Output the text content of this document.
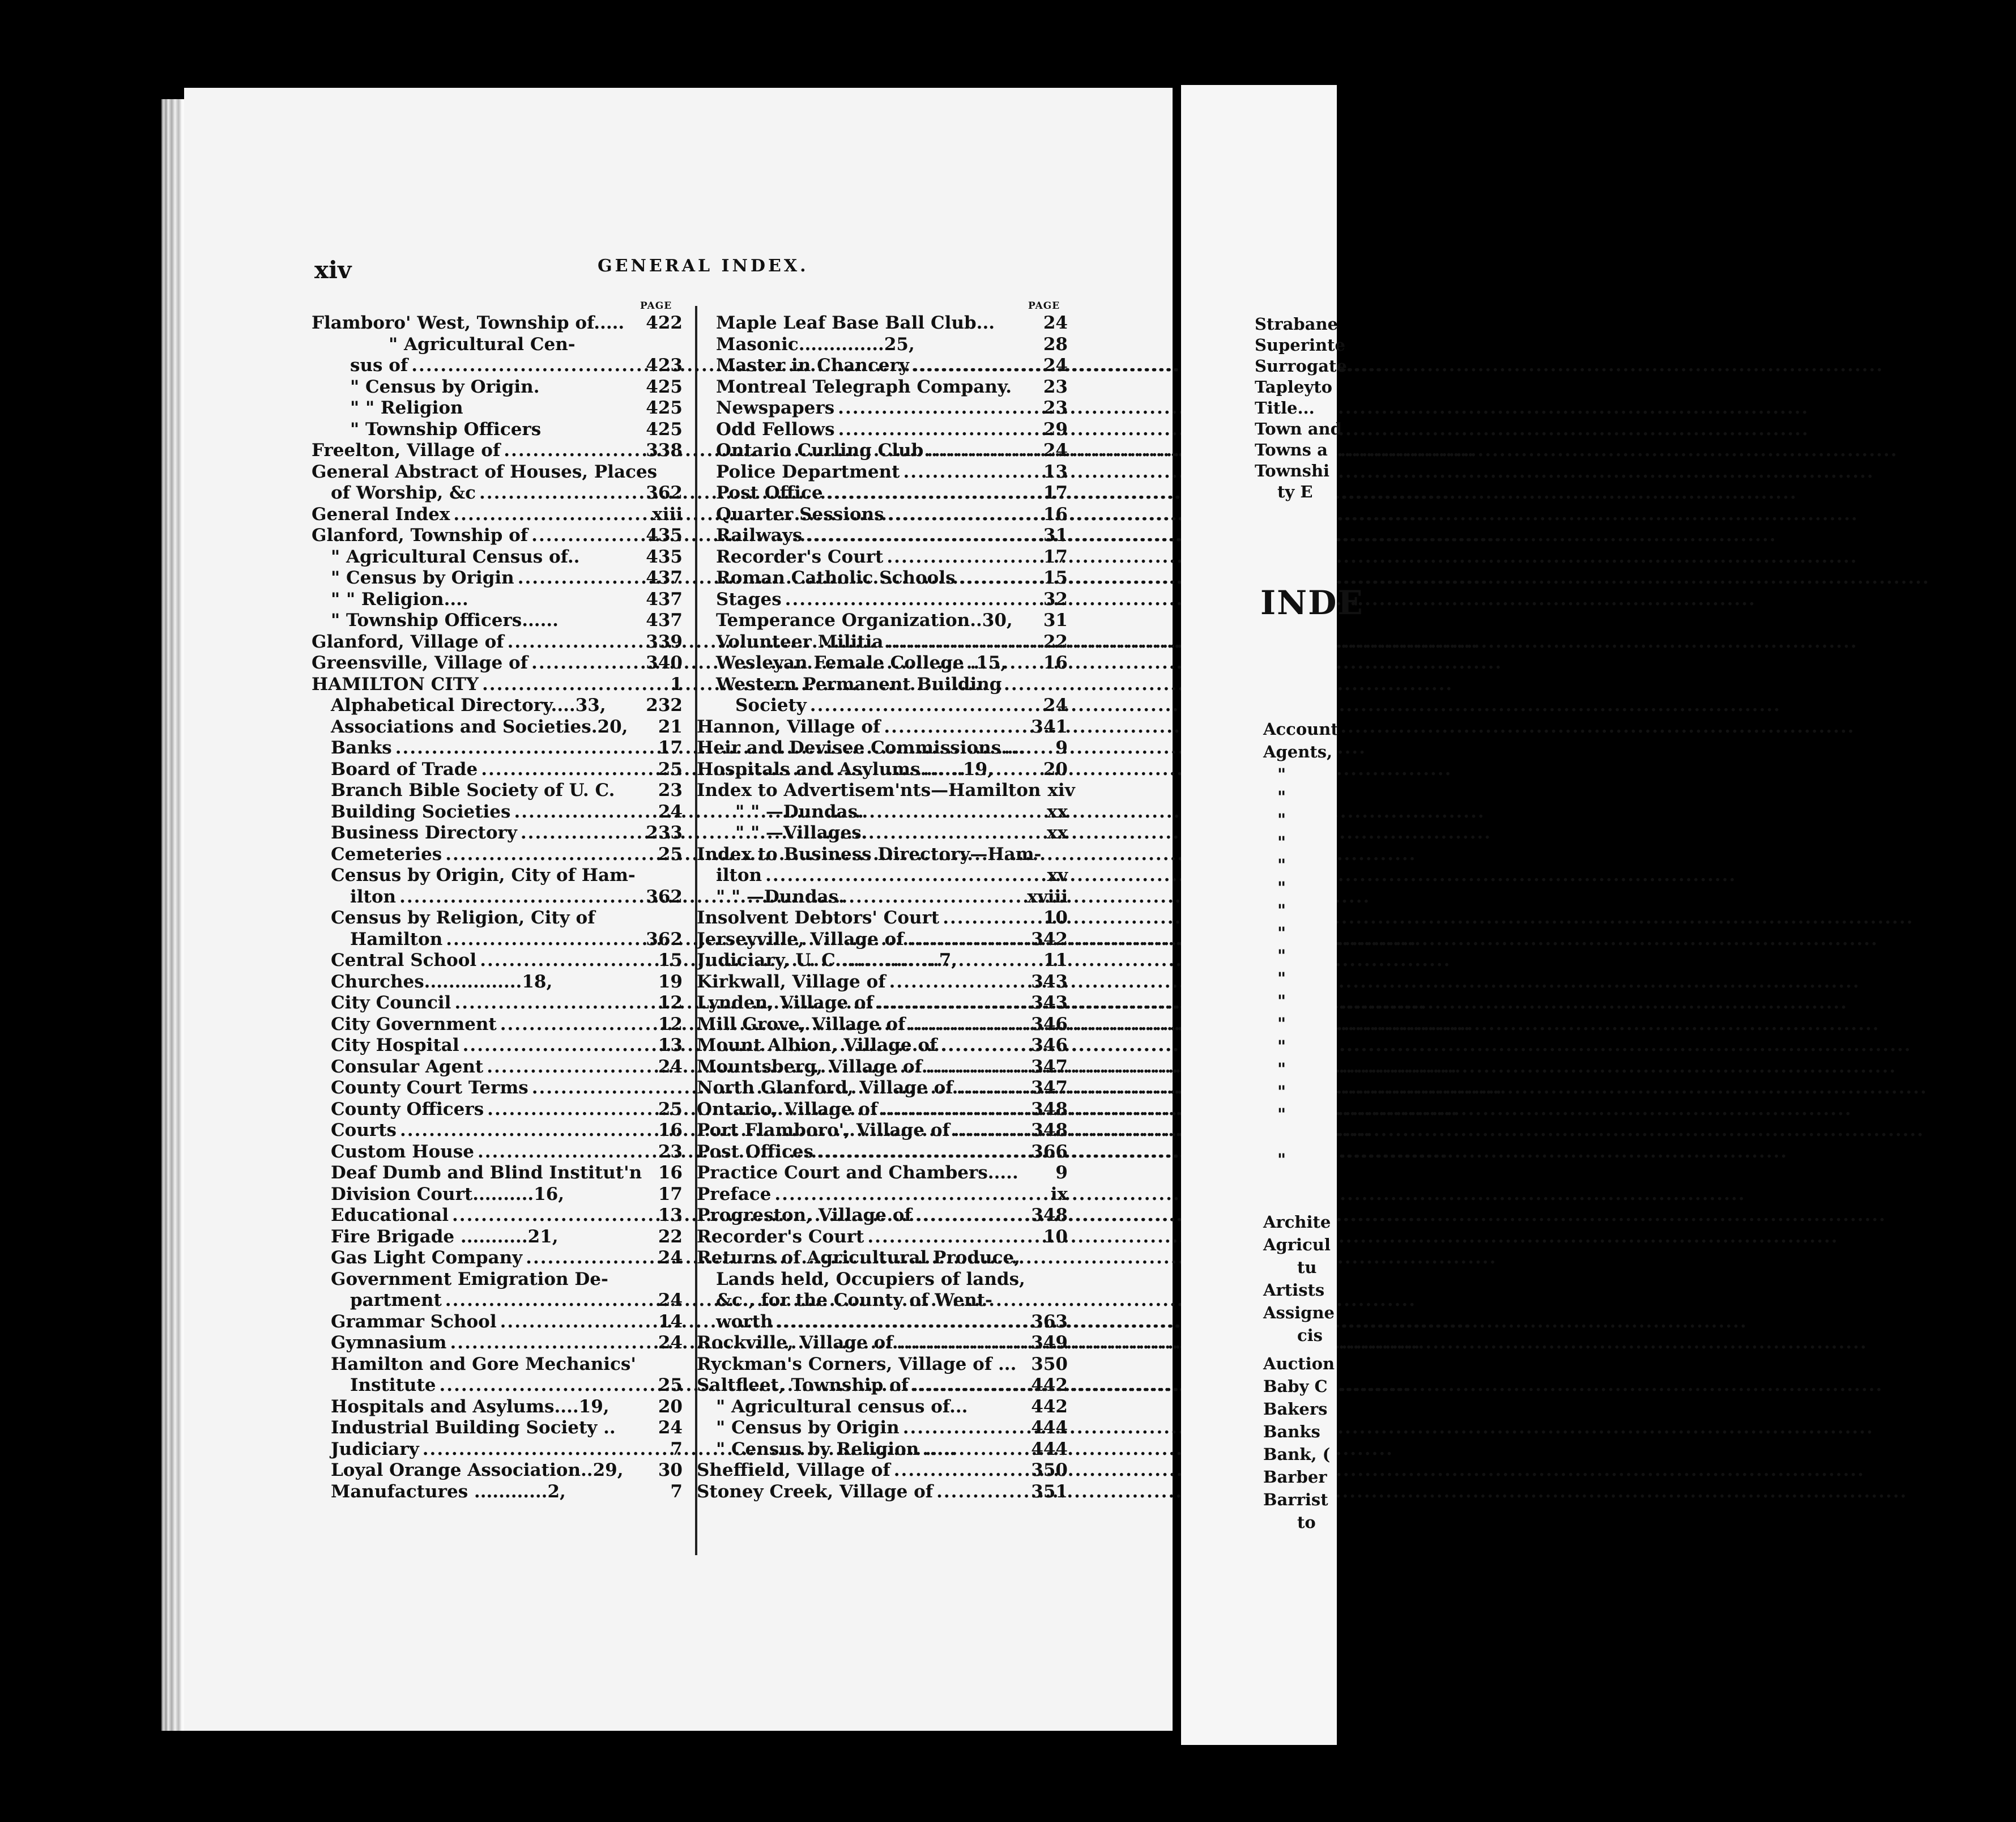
xiv	GENERAL INDEX.
PAGE	PAGE
Flamboro' West, Township of..... 422
" Agricultural Cen-
sus of .....	423
" Census by Origin.	425
" " Religion	425
" Township Officers	425
Freelton, Village of .....	338
General Abstract of Houses, Places
of Worship, &c .....	362
General Index .....	xiii
Glanford, Township of .....	435
" Agricultural Census of..	435
" Census by Origin .....	437
" " Religion....	437
" Township Officers......	437
Glanford, Village of .....	339
Greensville, Village of .....	340
HAMILTON CITY .....	1
Alphabetical Directory....33, 232
Associations and Societies.20, 21
Banks .....	17
Board of Trade .....	25
Branch Bible Society of U. C. 23
Building Societies .....	24
Business Directory .....	233
Cemeteries .....	25
Census by Origin, City of Ham-
ilton .....	362
Census by Religion, City of
Hamilton .....	362
Central School .....	15
Churches................18,	19
City Council .....	12
City Government .....	12
City Hospital .....	13
Consular Agent .....	24
County Court Terms
.....
County Officers .....	25
Courts .....	16
Custom House .....	23
Deaf Dumb and Blind Institut'n 16
Division Court..........16,	17
Educational .....	13
Fire Brigade ...........21,	22
Gas Light Company .....	24
Government Emigration De-
partment .....	24
Grammar School .....	14
Gymnasium .....	24
Hamilton and Gore Mechanics'
Institute .....	25
Hospitals and Asylums....19,	20
Industrial Building Society .. 24
Judiciary .....	7
Loyal Orange Association..29, 30
Manufactures ............2,	7
Maple Leaf Base Ball Club...	24
Masonic..............25,	28
Master in Chancery .....	24
Montreal Telegraph Company. 23
Newspapers .....	23
Odd Fellows .....	29
Ontario Curling Club .....	24
Police Department .....	13
Post Office .....	17
Quarter Sessions .....	16
Railways .....	31
Recorder's Court .....	17
Roman Catholic Schools .....	15
Stages .....	32
Temperance Organization..30, 31
Volunteer Militia .....	22
Wesleyan Female College .15, 16
Western Permanent Building
Society .....	24
Hannon, Village of .....	341
Heir and Devisee Commissions.... 9
Hospitals and Asylums.......19,	20
Index to Advertisem'nts—Hamilton xiv
" " —Dundas.	xx
" " —Villages.	xx
Index to Business Directory—Ham-
ilton .....	xv
" " —Dundas.	xviii
Insolvent Debtors' Court .....	10
Jerseyville, Village of .....	342
Judiciary, U. C.................7,	11
Kirkwall, Village of .....	343
Lynden, Village of .....	343
Mill Grove, Village of .....	346
Mount Albion, Village of .....	346
Mountsberg, Village of .....	347
North Glanford, Village of .....	347
Ontario, Village of .....	348
Port Flamboro', Village of .....	348
Post Offices .....	366
Practice Court and Chambers..... 9
Preface .....	ix
Progreston, Village of .....	348
Recorder's Court .....	10
Returns of Agricultural Produce,
Lands held, Occupiers of lands,
&c., for the County of Went-
worth .....	363
Rockville, Village of .....	349
Ryckman's Corners, Village of ... 350
Saltfleet, Township of .....	442
" Agricultural census of...	442
" Census by Origin .....	444
" Census by Religion .....	444
Sheffield, Village of .....	350
Stoney Creek, Village of .....	351
Strabane
Superinte
Surrogate
Tapleyto
Title...
Town and
Towns a
Townshi
ty E
INDE
Account
Agents,
"
"
"
"
"
"
"
"
"
"
"
"
"
"
"
"
"
Archite
Agricul
tu
Artists
Assigne
cis
Auction
Baby C
Bakers
Banks
Bank, (
Barber
Barrist
to
